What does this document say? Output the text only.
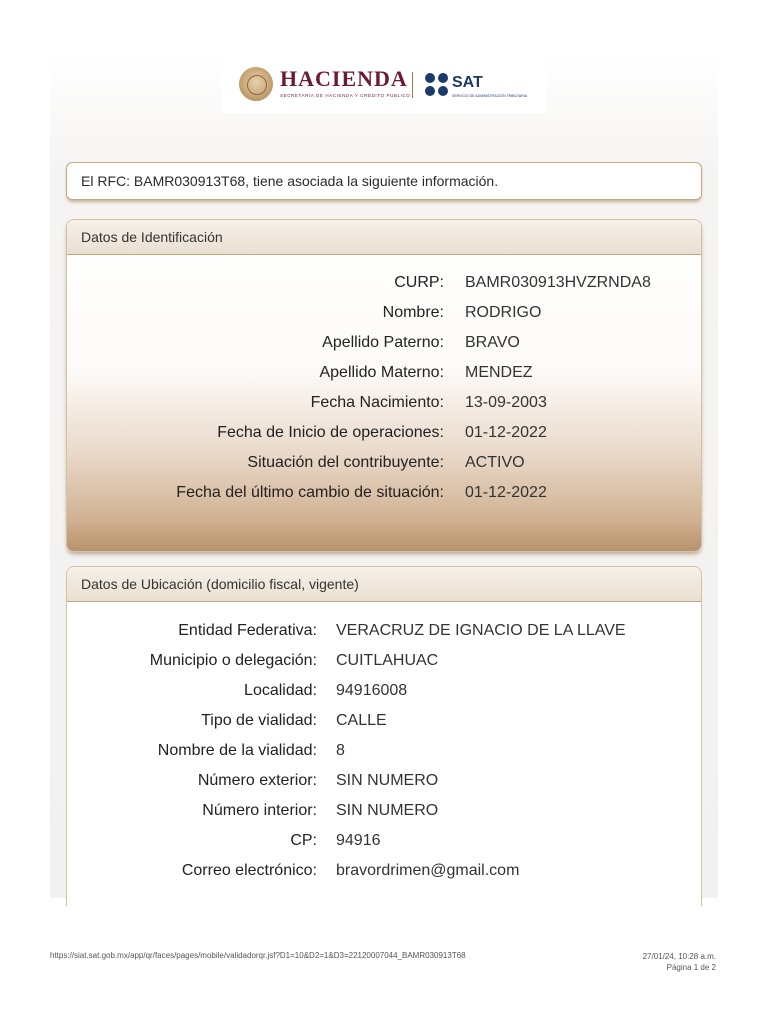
HACIENDA
SECRETARÍA DE HACIENDA Y CRÉDITO PÚBLICO
SAT
SERVICIO DE ADMINISTRACIÓN TRIBUTARIA
El RFC: BAMR030913T68, tiene asociada la siguiente información.
Datos de Identificación
CURP: BAMR030913HVZRNDA8
Nombre: RODRIGO
Apellido Paterno: BRAVO
Apellido Materno: MENDEZ
Fecha Nacimiento: 13-09-2003
Fecha de Inicio de operaciones: 01-12-2022
Situación del contribuyente: ACTIVO
Fecha del último cambio de situación: 01-12-2022
Datos de Ubicación (domicilio fiscal, vigente)
Entidad Federativa: VERACRUZ DE IGNACIO DE LA LLAVE
Municipio o delegación: CUITLAHUAC
Localidad: 94916008
Tipo de vialidad: CALLE
Nombre de la vialidad: 8
Número exterior: SIN NUMERO
Número interior: SIN NUMERO
CP: 94916
Correo electrónico: bravordrimen@gmail.com
https://siat.sat.gob.mx/app/qr/faces/pages/mobile/validadorqr.jsf?D1=10&D2=1&D3=22120007044_BAMR030913T68	27/01/24, 10:28 a.m.
Página 1 de 2
